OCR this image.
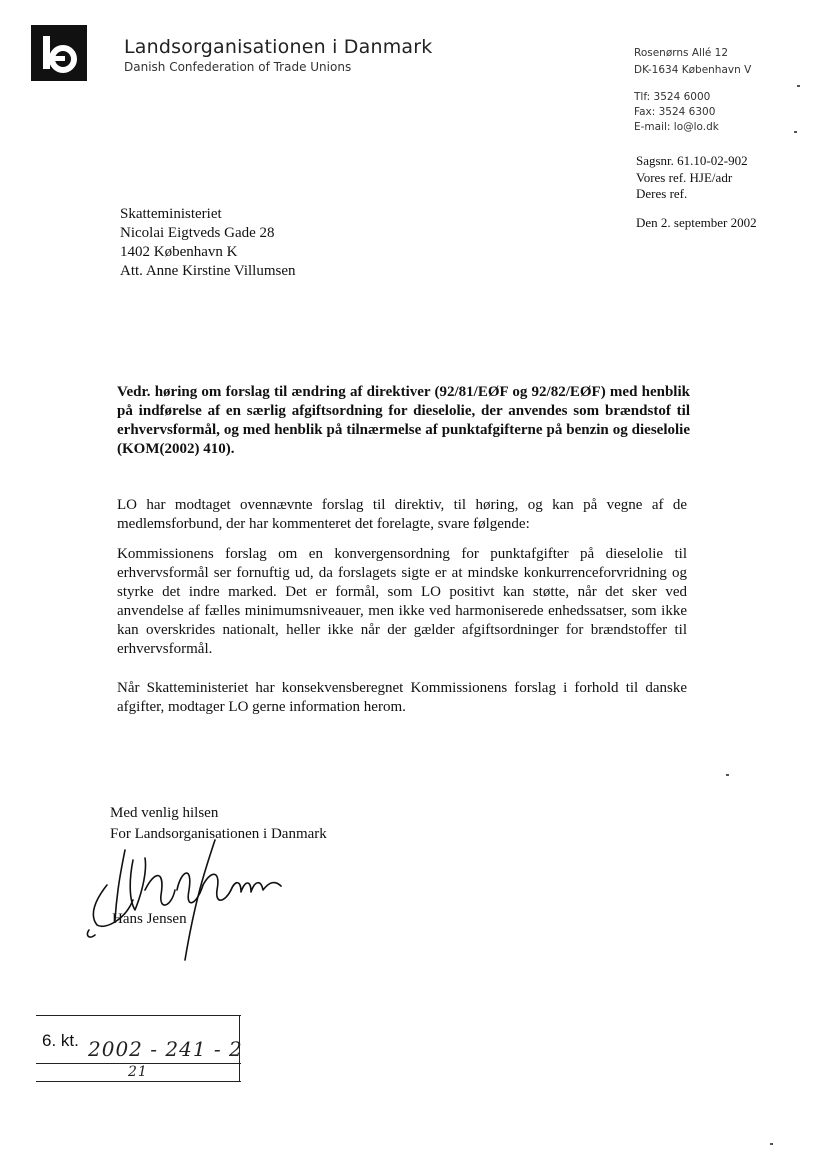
Landsorganisationen i Danmark
Danish Confederation of Trade Unions
Rosenørns Allé 12
DK-1634 København V
Tlf: 3524 6000
Fax: 3524 6300
E-mail: lo@lo.dk
Sagsnr. 61.10-02-902
Vores ref. HJE/adr
Deres ref.
Den 2. september 2002
Skatteministeriet
Nicolai Eigtveds Gade 28
1402 København K
Att. Anne Kirstine Villumsen
Vedr. høring om forslag til ændring af direktiver (92/81/EØF og 92/82/EØF) med henblik på indførelse af en særlig afgiftsordning for dieselolie, der anvendes som brændstof til erhvervsformål, og med henblik på tilnærmelse af punktafgifterne på benzin og dieselolie (KOM(2002) 410).
LO har modtaget ovennævnte forslag til direktiv, til høring, og kan på vegne af de medlemsforbund, der har kommenteret det forelagte, svare følgende:
Kommissionens forslag om en konvergensordning for punktafgifter på dieselolie til erhvervsformål ser fornuftig ud, da forslagets sigte er at mindske konkurrenceforvridning og styrke det indre marked. Det er formål, som LO positivt kan støtte, når det sker ved anvendelse af fælles minimumsniveauer, men ikke ved harmoniserede enhedssatser, som ikke kan overskrides nationalt, heller ikke når der gælder afgiftsordninger for brændstoffer til erhvervsformål.
Når Skatteministeriet har konsekvensberegnet Kommissionens forslag i forhold til danske afgifter, modtager LO gerne information herom.
Med venlig hilsen
For Landsorganisationen i Danmark
Hans Jensen
6. kt. 2002 - 241 - 2
21
